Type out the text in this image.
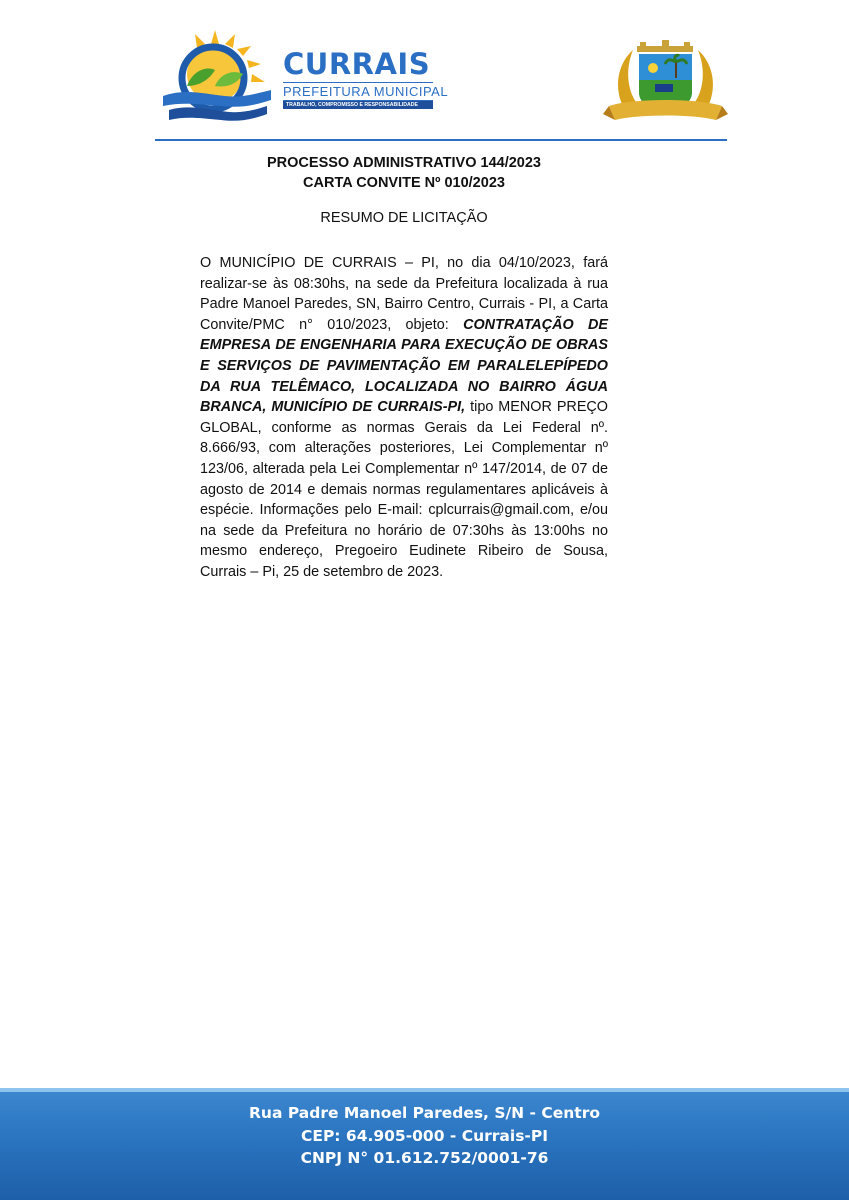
CURRAIS
PREFEITURA MUNICIPAL
TRABALHO, COMPROMISSO E RESPONSABILIDADE
PROCESSO ADMINISTRATIVO 144/2023
CARTA CONVITE Nº 010/2023
RESUMO DE LICITAÇÃO

O MUNICÍPIO DE CURRAIS – PI, no dia 04/10/2023, fará realizar-se às 08:30hs, na sede da Prefeitura localizada à rua Padre Manoel Paredes, SN, Bairro Centro, Currais - PI, a Carta Convite/PMC n° 010/2023, objeto: CONTRATAÇÃO DE EMPRESA DE ENGENHARIA PARA EXECUÇÃO DE OBRAS E SERVIÇOS DE PAVIMENTAÇÃO EM PARALELEPÍPEDO DA RUA TELÊMACO, LOCALIZADA NO BAIRRO ÁGUA BRANCA, MUNICÍPIO DE CURRAIS-PI, tipo MENOR PREÇO GLOBAL, conforme as normas Gerais da Lei Federal nº. 8.666/93, com alterações posteriores, Lei Complementar nº 123/06, alterada pela Lei Complementar nº 147/2014, de 07 de agosto de 2014 e demais normas regulamentares aplicáveis à espécie. Informações pelo E-mail: cplcurrais@gmail.com, e/ou na sede da Prefeitura no horário de 07:30hs às 13:00hs no mesmo endereço, Pregoeiro Eudinete Ribeiro de Sousa, Currais – Pi, 25 de setembro de 2023.

Rua Padre Manoel Paredes, S/N - Centro
CEP: 64.905-000 - Currais-PI
CNPJ N° 01.612.752/0001-76
